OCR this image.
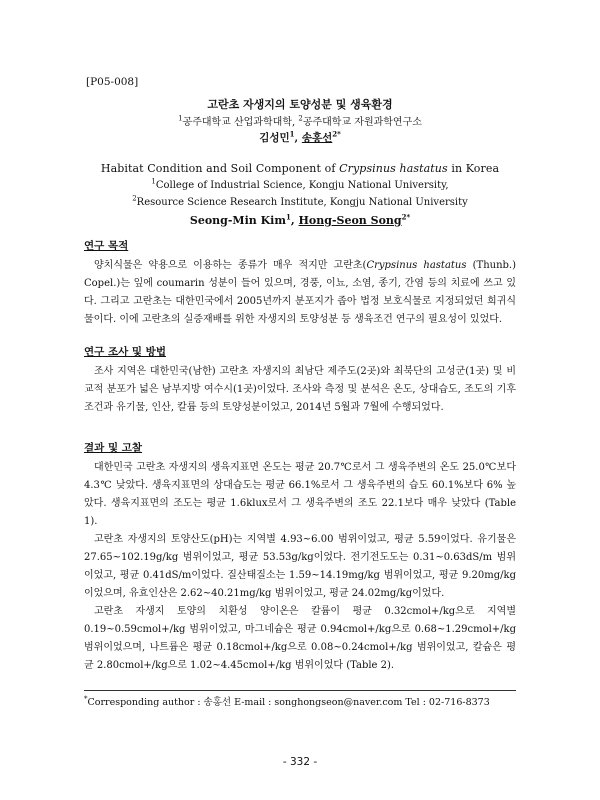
[P05-008]
고란초 자생지의 토양성분 및 생육환경
$^1$공주대학교 산업과학대학, $^2$공주대학교 자원과학연구소
김성민$^1$, 송홍선$^{2*}$
Habitat Condition and Soil Component of Crypsinus hastatus in Korea
$^1$College of Industrial Science, Kongju National University,
$^2$Resource Science Research Institute, Kongju National University
Seong-Min Kim$^1$, Hong-Seon Song$^{2*}$
연구 목적

양치식물은 약용으로 이용하는 종류가 매우 적지만 고란초(Crypsinus hastatus (Thunb.) Copel.)는 잎에 coumarin 성분이 들어 있으며, 경풍, 이뇨, 소염, 종기, 간염 등의 치료에 쓰고 있다. 그리고 고란초는 대한민국에서 2005년까지 분포지가 좁아 법정 보호식물로 지정되었던 희귀식물이다. 이에 고란초의 실증재배를 위한 자생지의 토양성분 등 생육조건 연구의 필요성이 있었다.

연구 조사 및 방법

조사 지역은 대한민국(남한) 고란초 자생지의 최남단 제주도(2곳)와 최북단의 고성군(1곳) 및 비교적 분포가 넓은 남부지방 여수시(1곳)이었다. 조사와 측정 및 분석은 온도, 상대습도, 조도의 기후조건과 유기물, 인산, 칼륨 등의 토양성분이었고, 2014년 5월과 7월에 수행되었다.

결과 및 고찰

대한민국 고란초 자생지의 생육지표면 온도는 평균 20.7℃로서 그 생육주변의 온도 25.0℃보다 4.3℃ 낮았다. 생육지표면의 상대습도는 평균 66.1%로서 그 생육주변의 습도 60.1%보다 6% 높았다. 생육지표면의 조도는 평균 1.6klux로서 그 생육주변의 조도 22.1보다 매우 낮았다 (Table 1).

고란초 자생지의 토양산도(pH)는 지역별 4.93~6.00 범위이었고, 평균 5.59이었다. 유기물은 27.65~102.19g/kg 범위이었고, 평균 53.53g/kg이었다. 전기전도도는 0.31~0.63dS/m 범위이었고, 평균 0.41dS/m이었다. 질산태질소는 1.59~14.19mg/kg 범위이었고, 평균 9.20mg/kg이었으며, 유효인산은 2.62~40.21mg/kg 범위이었고, 평균 24.02mg/kg이었다.

고란초 자생지 토양의 치환성 양이온은 칼륨이 평균 0.32cmol+/kg으로 지역별 0.19~0.59cmol+/kg 범위이었고, 마그네슘은 평균 0.94cmol+/kg으로 0.68~1.29cmol+/kg 범위이었으며, 나트륨은 평균 0.18cmol+/kg으로 0.08~0.24cmol+/kg 범위이었고, 칼슘은 평균 2.80cmol+/kg으로 1.02~4.45cmol+/kg 범위이었다 (Table 2).

*Corresponding author : 송홍선 E-mail : songhongseon@naver.com Tel : 02-716-8373
- 332 -
